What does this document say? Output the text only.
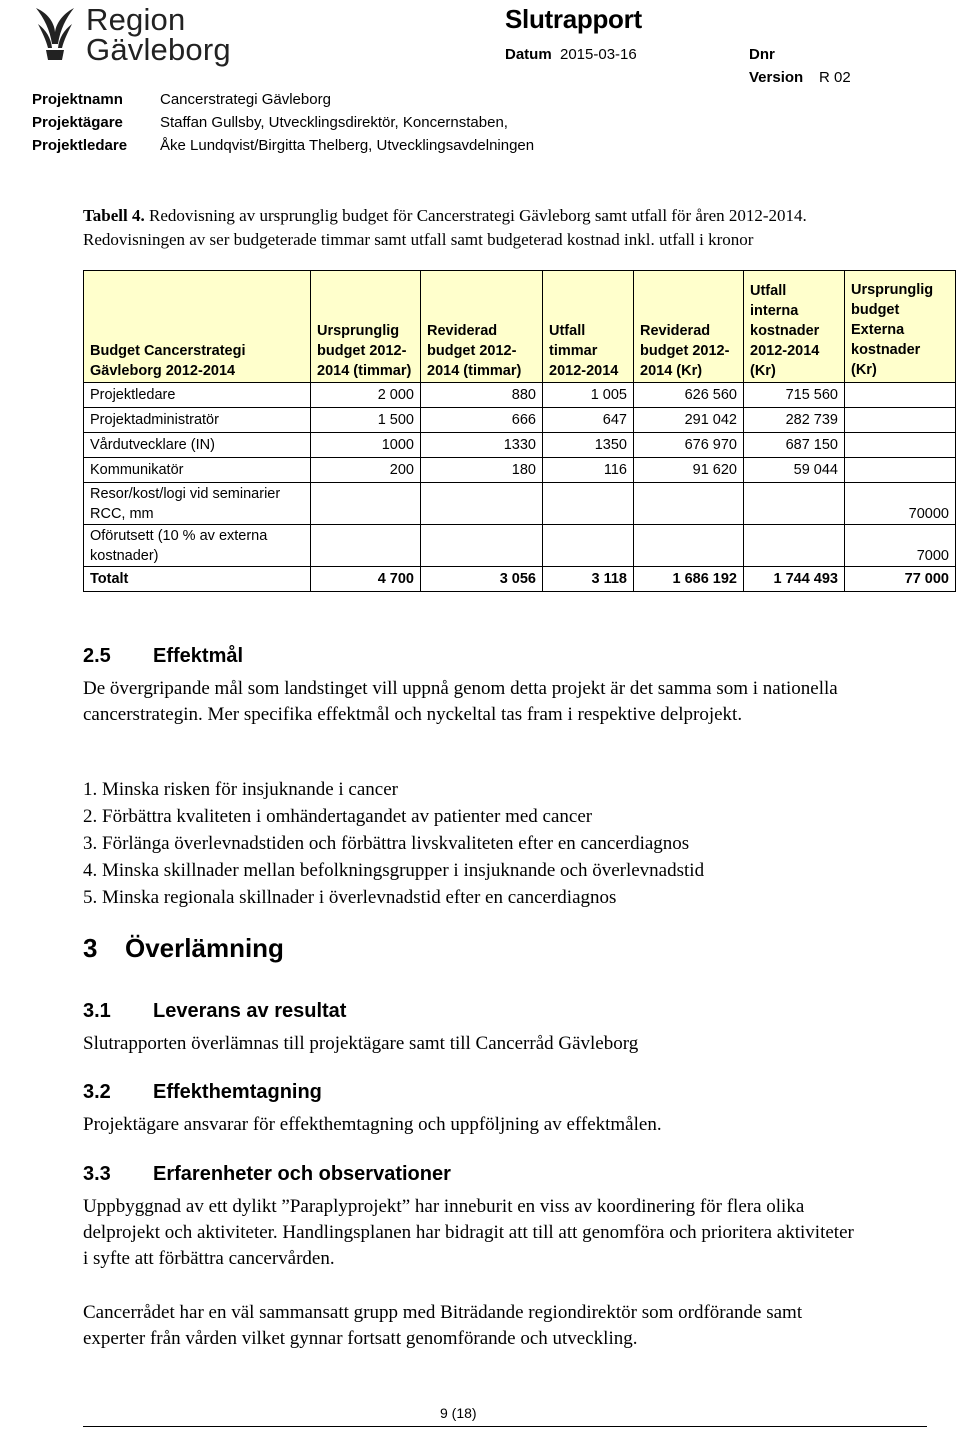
Region
Gävleborg
Slutrapport
Datum 2015-03-16	Dnr
Version R 02
Projektnamn Cancerstrategi Gävleborg
Projektägare Staffan Gullsby, Utvecklingsdirektör, Koncernstaben,
Projektledare Åke Lundqvist/Birgitta Thelberg, Utvecklingsavdelningen
Tabell 4. Redovisning av ursprunglig budget för Cancerstrategi Gävleborg samt utfall för åren 2012-2014. Redovisningen av ser budgeterade timmar samt utfall samt budgeterad kostnad inkl. utfall i kronor
Budget Cancerstrategi Gävleborg 2012-2014	Ursprunglig budget 2012-2014 (timmar)	Reviderad budget 2012-2014 (timmar)	Utfall timmar 2012-2014	Reviderad budget 2012-2014 (Kr)	Utfall interna kostnader 2012-2014 (Kr)	Ursprunglig budget Externa kostnader (Kr)
Projektledare	2 000	880	1 005	626 560	715 560	
Projektadministratör	1 500	666	647	291 042	282 739	
Vårdutvecklare (IN)	1000	1330	1350	676 970	687 150	
Kommunikatör	200	180	116	91 620	59 044	
Resor/kost/logi vid seminarier RCC, mm						70000
Oförutsett (10 % av externa kostnader)						7000
Totalt	4 700	3 056	3 118	1 686 192	1 744 493	77 000
2.5 Effektmål
De övergripande mål som landstinget vill uppnå genom detta projekt är det samma som i nationella cancerstrategin. Mer specifika effektmål och nyckeltal tas fram i respektive delprojekt.
1. Minska risken för insjuknande i cancer
2. Förbättra kvaliteten i omhändertagandet av patienter med cancer
3. Förlänga överlevnadstiden och förbättra livskvaliteten efter en cancerdiagnos
4. Minska skillnader mellan befolkningsgrupper i insjuknande och överlevnadstid
5. Minska regionala skillnader i överlevnadstid efter en cancerdiagnos
3 Överlämning
3.1 Leverans av resultat
Slutrapporten överlämnas till projektägare samt till Cancerråd Gävleborg
3.2 Effekthemtagning
Projektägare ansvarar för effekthemtagning och uppföljning av effektmålen.
3.3 Erfarenheter och observationer
Uppbyggnad av ett dylikt ”Paraplyprojekt” har inneburit en viss av koordinering för flera olika delprojekt och aktiviteter. Handlingsplanen har bidragit att till att genomföra och prioritera aktiviteter i syfte att förbättra cancervården.
Cancerrådet har en väl sammansatt grupp med Biträdande regiondirektör som ordförande samt experter från vården vilket gynnar fortsatt genomförande och utveckling.
9 (18)
